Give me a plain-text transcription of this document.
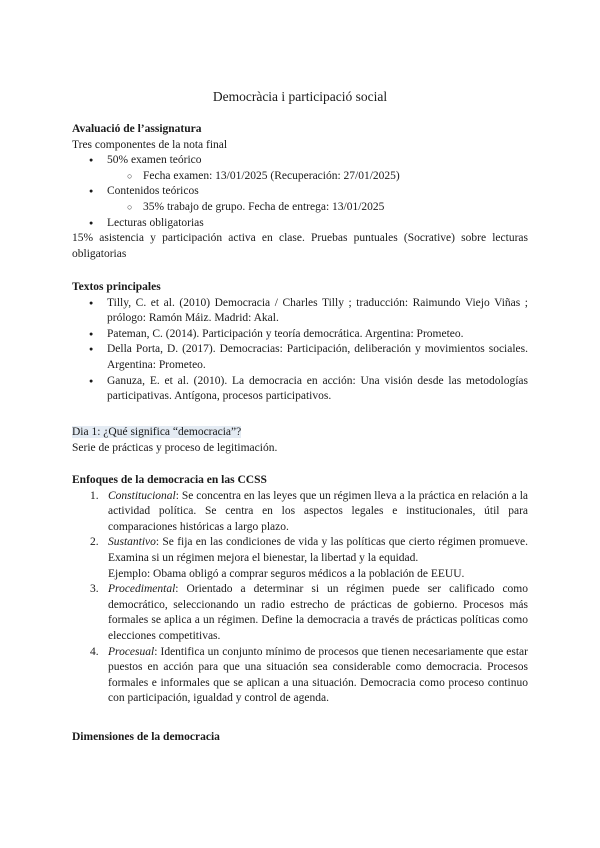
Democràcia i participació social

Avaluació de l’assignatura

Tres componentes de la nota final

● 50% examen teórico
○ Fecha examen: 13/01/2025 (Recuperación: 27/01/2025)
● Contenidos teóricos
○ 35% trabajo de grupo. Fecha de entrega: 13/01/2025
● Lecturas obligatorias

15% asistencia y participación activa en clase. Pruebas puntuales (Socrative) sobre lecturas obligatorias

Textos principales

● Tilly, C. et al. (2010) Democracia / Charles Tilly ; traducción: Raimundo Viejo Viñas ; prólogo: Ramón Máiz. Madrid: Akal.
● Pateman, C. (2014). Participación y teoría democrática. Argentina: Prometeo.
● Della Porta, D. (2017). Democracias: Participación, deliberación y movimientos sociales. Argentina: Prometeo.
● Ganuza, E. et al. (2010). La democracia en acción: Una visión desde las metodologías participativas. Antígona, procesos participativos.

Dia 1: ¿Qué significa “democracia”?

Serie de prácticas y proceso de legitimación.

Enfoques de la democracia en las CCSS

1. Constitucional: Se concentra en las leyes que un régimen lleva a la práctica en relación a la actividad política. Se centra en los aspectos legales e institucionales, útil para comparaciones históricas a largo plazo.
2. Sustantivo: Se fija en las condiciones de vida y las políticas que cierto régimen promueve. Examina si un régimen mejora el bienestar, la libertad y la equidad.
Ejemplo: Obama obligó a comprar seguros médicos a la población de EEUU.
3. Procedimental: Orientado a determinar si un régimen puede ser calificado como democrático, seleccionando un radio estrecho de prácticas de gobierno. Procesos más formales se aplica a un régimen. Define la democracia a través de prácticas políticas como elecciones competitivas.
4. Procesual: Identifica un conjunto mínimo de procesos que tienen necesariamente que estar puestos en acción para que una situación sea considerable como democracia. Procesos formales e informales que se aplican a una situación. Democracia como proceso continuo con participación, igualdad y control de agenda.

Dimensiones de la democracia
